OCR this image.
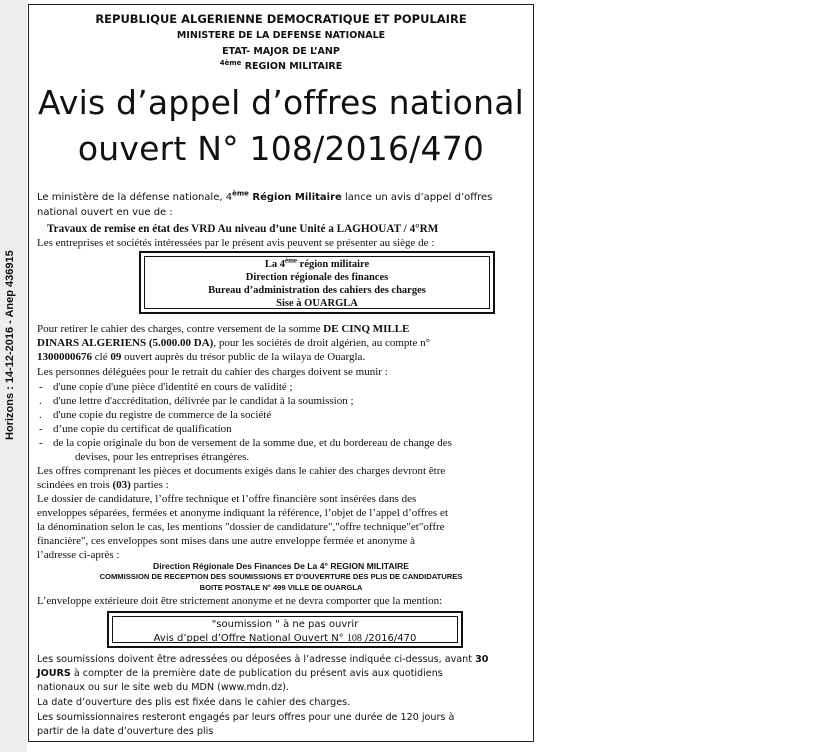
Horizons : 14-12-2016 - Anep 436915
REPUBLIQUE ALGERIENNE DEMOCRATIQUE ET POPULAIRE
MINISTERE DE LA DEFENSE NATIONALE
ETAT- MAJOR DE L’ANP
$^{4ème}$ REGION MILITAIRE
Avis d’appel d’offres national
ouvert N° 108/2016/470
Le ministère de la défense nationale, 4ème Région Militaire lance un avis d’appel d’offres
national ouvert en vue de :
Travaux de remise en état des VRD Au niveau d’une Unité a LAGHOUAT / 4°RM
Les entreprises et sociétés intéressées par le présent avis peuvent se présenter au siège de :
La 4ème région militaire
Direction régionale des finances
Bureau d’administration des cahiers des charges
Sise à OUARGLA
Pour retirer le cahier des charges, contre versement de la somme DE CINQ MILLE
DINARS ALGERIENS (5.000.00 DA), pour les sociétés de droit algérien, au compte n°
1300000676 clé 09 ouvert auprès du trésor public de la wilaya de Ouargla.
Les personnes déléguées pour le retrait du cahier des charges doivent se munir :
- d'une copie d'une pièce d'identité en cours de validité ;
. d'une lettre d'accréditation, délivrée par le candidat à la soumission ;
. d'une copie du registre de commerce de la société
- d’une copie du certificat de qualification
- de la copie originale du bon de versement de la somme due, et du bordereau de change des
devises, pour les entreprises étrangères.
Les offres comprenant les pièces et documents exigés dans le cahier des charges devront être
scindées en trois (03) parties :
Le dossier de candidature, l’offre technique et l’offre financière sont insérées dans des
enveloppes séparées, fermées et anonyme indiquant la référence, l’objet de l’appel d’offres et
la dénomination selon le cas, les mentions "dossier de candidature","offre technique"et"offre
financière", ces enveloppes sont mises dans une autre enveloppe fermée et anonyme à
l’adresse ci-après :
Direction Régionale Des Finances De La 4° REGION MILITAIRE
COMMISSION DE RECEPTION DES SOUMISSIONS ET D'OUVERTURE DES PLIS DE CANDIDATURES
BOITE POSTALE N° 499 VILLE DE OUARGLA
L’enveloppe extérieure doit être strictement anonyme et ne devra comporter que la mention:
"soumission " à ne pas ouvrir
Avis d’ppel d’Offre National Ouvert N° 108 /2016/470
Les soumissions doivent être adressées ou déposées à l’adresse indiquée ci-dessus, avant 30
JOURS à compter de la première date de publication du présent avis aux quotidiens
nationaux ou sur le site web du MDN (www.mdn.dz).
La date d’ouverture des plis est fixée dans le cahier des charges.
Les soumissionnaires resteront engagés par leurs offres pour une durée de 120 jours à
partir de la date d’ouverture des plis
